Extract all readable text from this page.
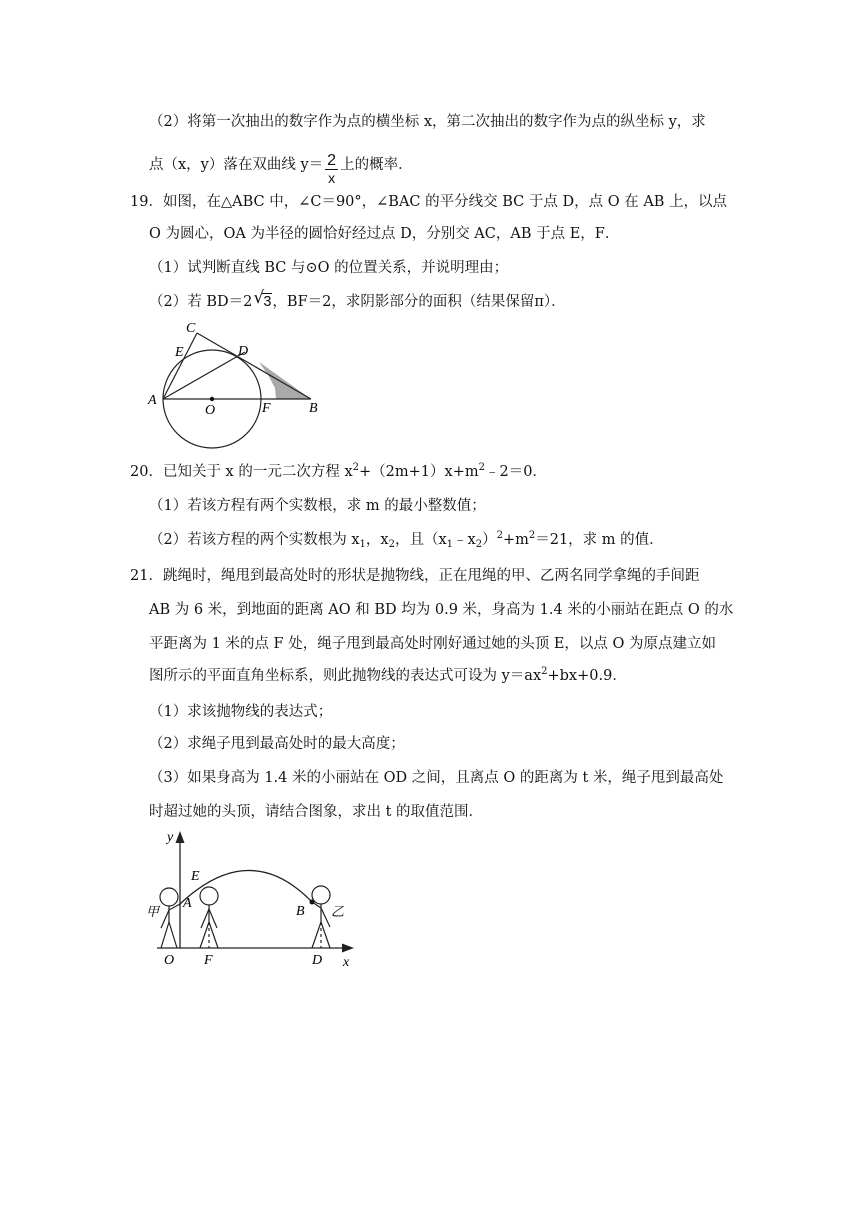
（2）将第一次抽出的数字作为点的横坐标 x，第二次抽出的数字作为点的纵坐标 y，求
点（x，y）落在双曲线 $y= \frac{2}{x}$ 上的概率．
19．如图，在△ABC 中，∠C＝90°，∠BAC 的平分线交 BC 于点 D，点 O 在 AB 上，以点
O 为圆心，OA 为半径的圆恰好经过点 D，分别交 AC，AB 于点 E，F．
（1）试判断直线 BC 与⊙O 的位置关系，并说明理由；
（2）若 BD＝2 √ 3，BF＝2，求阴影部分的面积（结果保留π）．
C
E	D
A
O	F	B
20．已知关于 x 的一元二次方程 $x^2+(2m+1)x+m^2﹣2=0$．
（1）若该方程有两个实数根，求 m 的最小整数值；
（2）若该方程的两个实数根为 $x_1$，$x_2$，且$(x_1﹣x_2)^2+m^2=21$，求 m 的值．
21．跳绳时，绳甩到最高处时的形状是抛物线，正在甩绳的甲、乙两名同学拿绳的手间距
AB 为 6 米，到地面的距离 AO 和 BD 均为 0.9 米，身高为 1.4 米的小丽站在距点 O 的水
平距离为 1 米的点 F 处，绳子甩到最高处时刚好通过她的头顶 E，以点 O 为原点建立如
图所示的平面直角坐标系，则此抛物线的表达式可设为 $y=ax^2+bx+0.9$．
（1）求该抛物线的表达式；
（2）求绳子甩到最高处时的最大高度；
（3）如果身高为 1.4 米的小丽站在 OD 之间，且离点 O 的距离为 t 米，绳子甩到最高处
时超过她的头顶，请结合图象，求出 t 的取值范围．
y
x
甲	乙
E
A
B
O F	D
